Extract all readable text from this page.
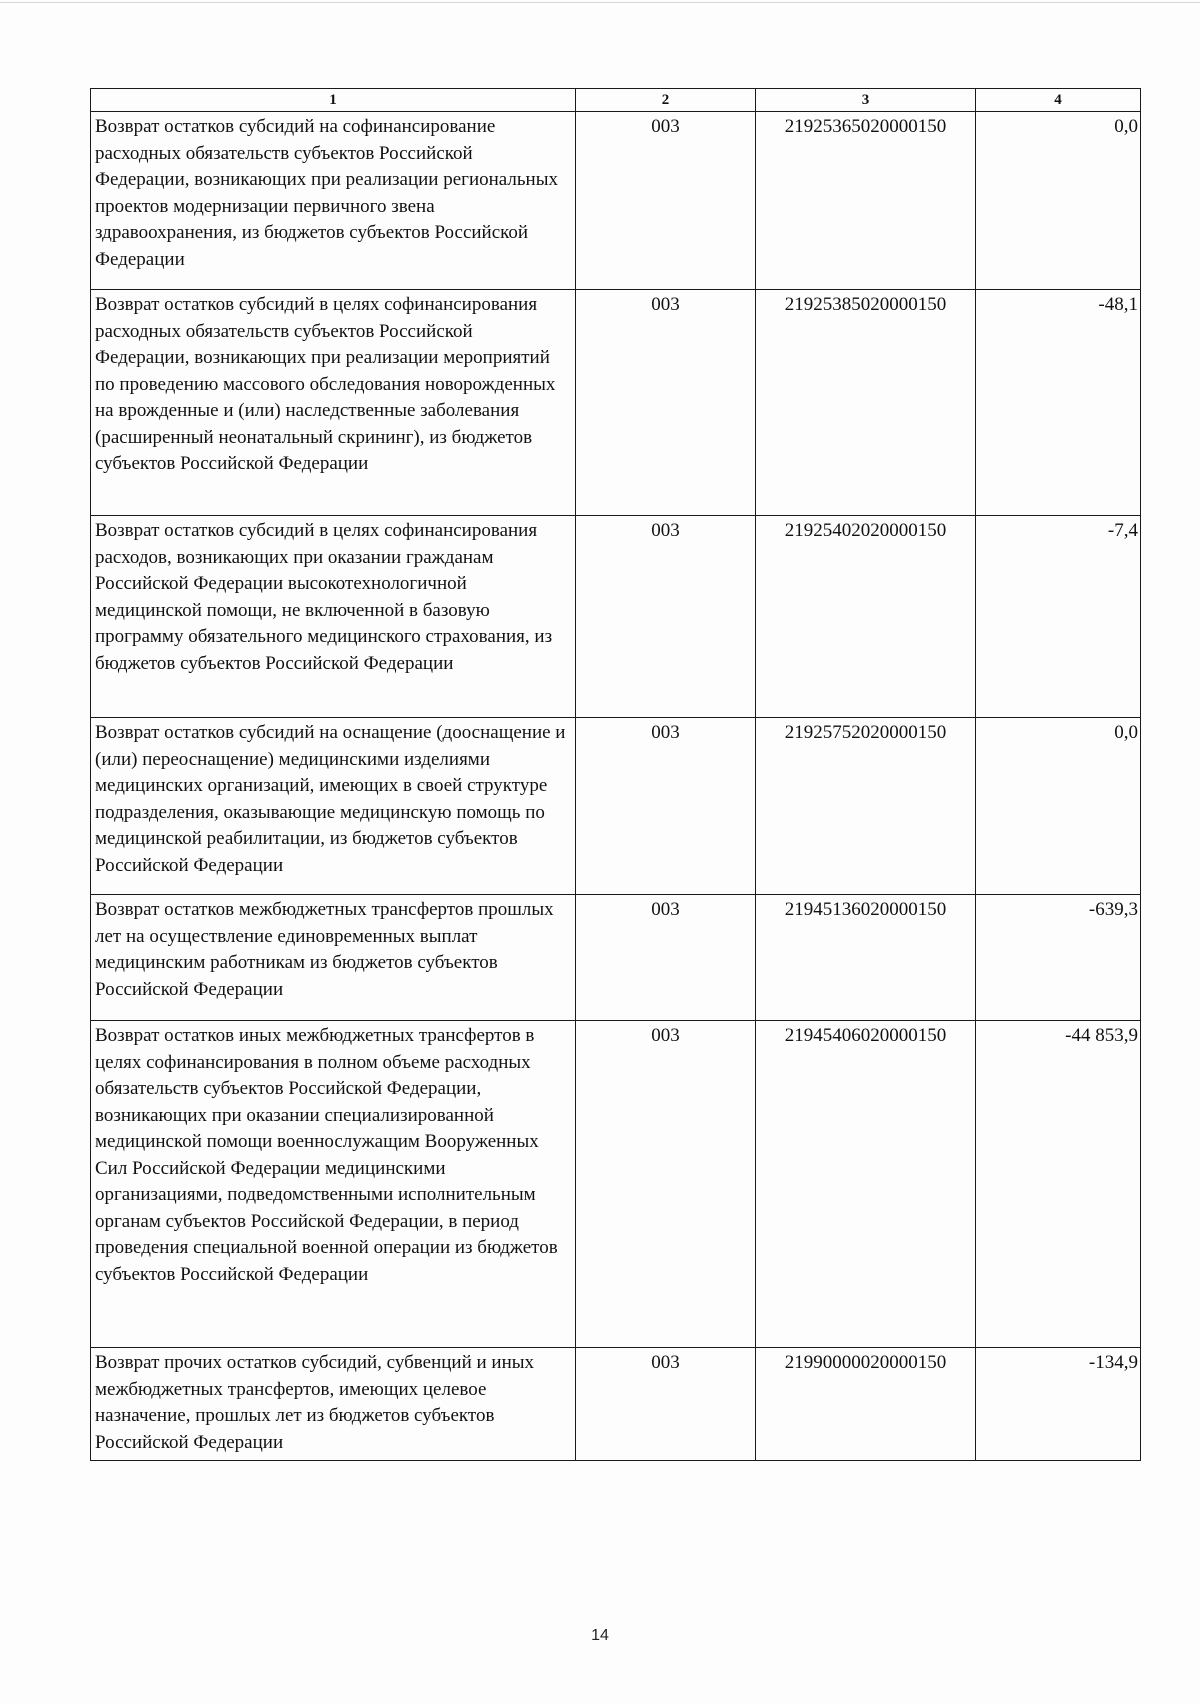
1	2	3	4
Возврат остатков субсидий на софинансирование расходных обязательств субъектов Российской Федерации, возникающих при реализации региональных проектов модернизации первичного звена здравоохранения, из бюджетов субъектов Российской Федерации	003	21925365020000150	0,0
Возврат остатков субсидий в целях софинансирования расходных обязательств субъектов Российской Федерации, возникающих при реализации мероприятий по проведению массового обследования новорожденных на врожденные и (или) наследственные заболевания (расширенный неонатальный скрининг), из бюджетов субъектов Российской Федерации	003	21925385020000150	-48,1
Возврат остатков субсидий в целях софинансирования расходов, возникающих при оказании гражданам Российской Федерации высокотехнологичной медицинской помощи, не включенной в базовую программу обязательного медицинского страхования, из бюджетов субъектов Российской Федерации	003	21925402020000150	-7,4
Возврат остатков субсидий на оснащение (дооснащение и (или) переоснащение) медицинскими изделиями медицинских организаций, имеющих в своей структуре подразделения, оказывающие медицинскую помощь по медицинской реабилитации, из бюджетов субъектов Российской Федерации	003	21925752020000150	0,0
Возврат остатков межбюджетных трансфертов прошлых лет на осуществление единовременных выплат медицинским работникам из бюджетов субъектов Российской Федерации	003	21945136020000150	-639,3
Возврат остатков иных межбюджетных трансфертов в целях софинансирования в полном объеме расходных обязательств субъектов Российской Федерации, возникающих при оказании специализированной медицинской помощи военнослужащим Вооруженных Сил Российской Федерации медицинскими организациями, подведомственными исполнительным органам субъектов Российской Федерации, в период проведения специальной военной операции из бюджетов субъектов Российской Федерации	003	21945406020000150	-44 853,9
Возврат прочих остатков субсидий, субвенций и иных межбюджетных трансфертов, имеющих целевое назначение, прошлых лет из бюджетов субъектов Российской Федерации	003	21990000020000150	-134,9
14
